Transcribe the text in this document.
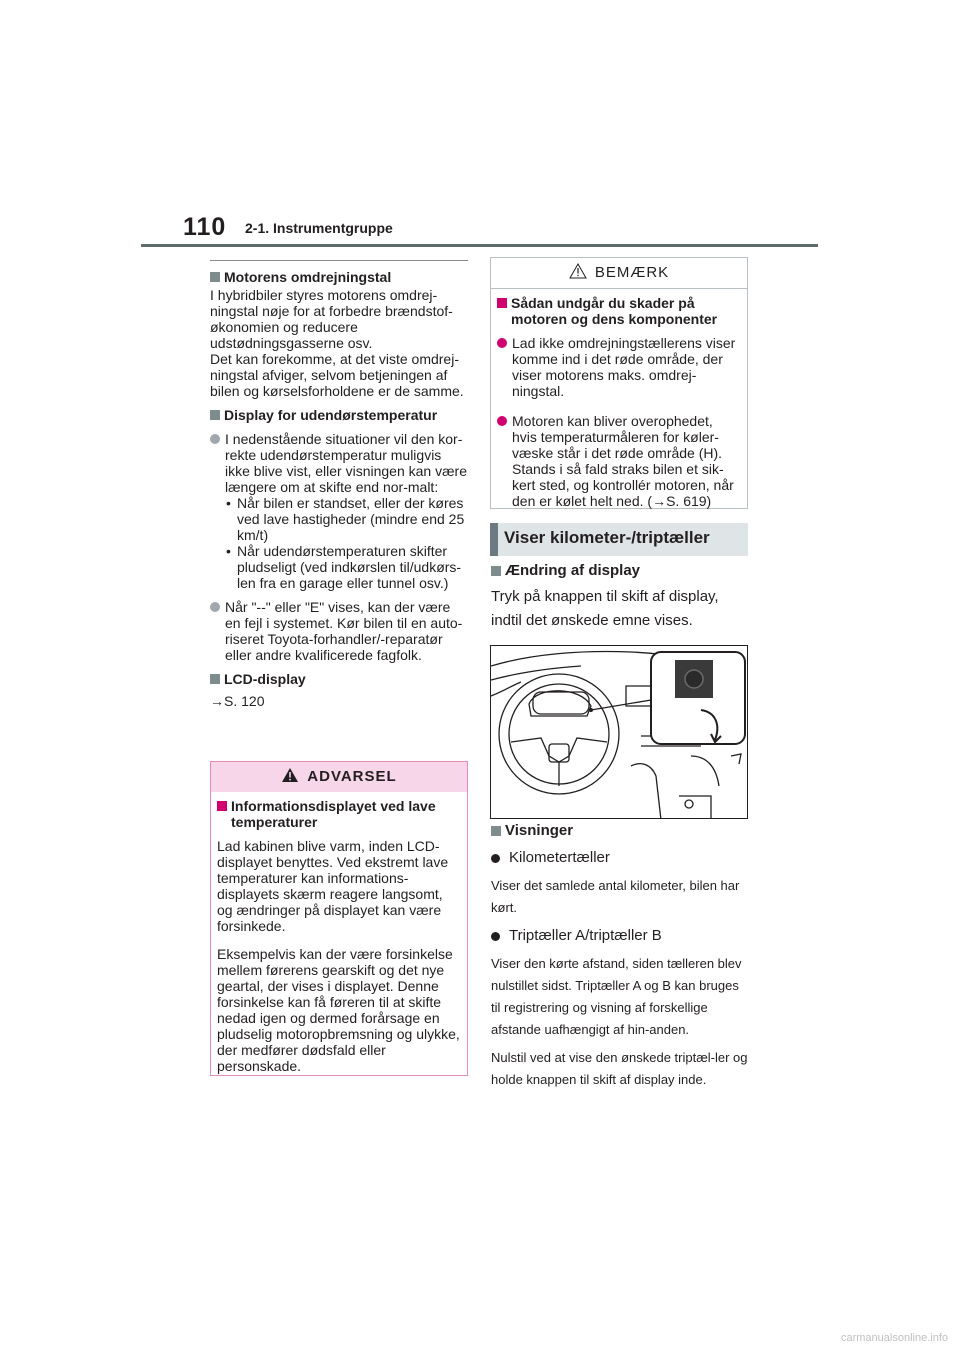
110 2-1. Instrumentgruppe
Motorens omdrejningstal

I hybridbiler styres motorens omdrej-ningstal nøje for at forbedre brændstof-økonomien og reducere udstødningsgasserne osv.

Det kan forekomme, at det viste omdrej-ningstal afviger, selvom betjeningen af bilen og kørselsforholdene er de samme.

Display for udendørstemperatur
I nedenstående situationer vil den kor-rekte udendørstemperatur muligvis ikke blive vist, eller visningen kan være længere om at skifte end nor-malt:
• Når bilen er standset, eller der køres ved lave hastigheder (mindre end 25 km/t)
• Når udendørstemperaturen skifter pludseligt (ved indkørslen til/udkørs-len fra en garage eller tunnel osv.)
Når "--" eller "E" vises, kan der være en fejl i systemet. Kør bilen til en auto-riseret Toyota-forhandler/-reparatør eller andre kvalificerede fagfolk.
LCD-display

→S. 120

ADVARSEL
Informationsdisplayet ved lave temperaturer

Lad kabinen blive varm, inden LCD-displayet benyttes. Ved ekstremt lave temperaturer kan informations-displayets skærm reagere langsomt, og ændringer på displayet kan være forsinkede.

Eksempelvis kan der være forsinkelse mellem førerens gearskift og det nye geartal, der vises i displayet. Denne forsinkelse kan få føreren til at skifte nedad igen og dermed forårsage en pludselig motoropbremsning og ulykke, der medfører dødsfald eller personskade.

BEMÆRK
Sådan undgår du skader på motoren og dens komponenter
Lad ikke omdrejningstællerens viser komme ind i det røde område, der viser motorens maks. omdrej-ningstal.
Motoren kan bliver overophedet, hvis temperaturmåleren for køler-væske står i det røde område (H). Stands i så fald straks bilen et sik-kert sted, og kontrollér motoren, når den er kølet helt ned. (→S. 619)
Viser kilometer-/triptæller
Ændring af display

Tryk på knappen til skift af display, indtil det ønskede emne vises.

Visninger
Kilometertæller

Viser det samlede antal kilometer, bilen har kørt.

Triptæller A/triptæller B

Viser den kørte afstand, siden tælleren blev nulstillet sidst. Triptæller A og B kan bruges til registrering og visning af forskellige afstande uafhængigt af hin-anden.

Nulstil ved at vise den ønskede triptæl-ler og holde knappen til skift af display inde.

carmanualsonline.info
